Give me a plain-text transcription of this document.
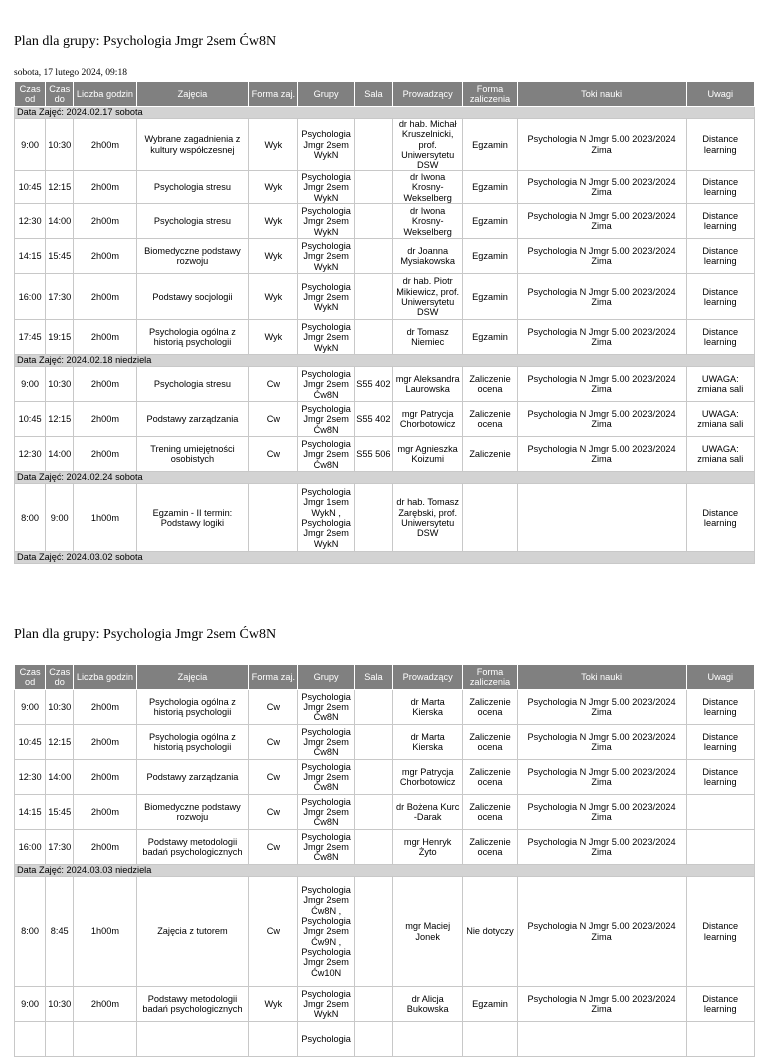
Plan dla grupy: Psychologia Jmgr 2sem Ćw8N
sobota, 17 lutego 2024, 09:18
Czas od	Czas do	Liczba godzin	Zajęcia	Forma zaj.	Grupy	Sala	Prowadzący	Forma zaliczenia	Toki nauki	Uwagi
Data Zajęć: 2024.02.17 sobota										
9:00	10:30	2h00m	Wybrane zagadnienia z kultury współczesnej	Wyk	Psychologia Jmgr 2sem WykN		dr hab. Michał Kruszelnicki, prof. Uniwersytetu DSW	Egzamin	Psychologia N Jmgr 5.00 2023/2024 Zima	Distance learning
10:45	12:15	2h00m	Psychologia stresu	Wyk	Psychologia Jmgr 2sem WykN		dr Iwona Krosny-Wekselberg	Egzamin	Psychologia N Jmgr 5.00 2023/2024 Zima	Distance learning
12:30	14:00	2h00m	Psychologia stresu	Wyk	Psychologia Jmgr 2sem WykN		dr Iwona Krosny-Wekselberg	Egzamin	Psychologia N Jmgr 5.00 2023/2024 Zima	Distance learning
14:15	15:45	2h00m	Biomedyczne podstawy rozwoju	Wyk	Psychologia Jmgr 2sem WykN		dr Joanna Mysiakowska	Egzamin	Psychologia N Jmgr 5.00 2023/2024 Zima	Distance learning
16:00	17:30	2h00m	Podstawy socjologii	Wyk	Psychologia Jmgr 2sem WykN		dr hab. Piotr Mikiewicz, prof. Uniwersytetu DSW	Egzamin	Psychologia N Jmgr 5.00 2023/2024 Zima	Distance learning
17:45	19:15	2h00m	Psychologia ogólna z historią psychologii	Wyk	Psychologia Jmgr 2sem WykN		dr Tomasz Niemiec	Egzamin	Psychologia N Jmgr 5.00 2023/2024 Zima	Distance learning
Data Zajęć: 2024.02.18 niedziela										
9:00	10:30	2h00m	Psychologia stresu	Cw	Psychologia Jmgr 2sem Ćw8N	S55 402	mgr Aleksandra Laurowska	Zaliczenie ocena	Psychologia N Jmgr 5.00 2023/2024 Zima	UWAGA: zmiana sali
10:45	12:15	2h00m	Podstawy zarządzania	Cw	Psychologia Jmgr 2sem Ćw8N	S55 402	mgr Patrycja Chorbotowicz	Zaliczenie ocena	Psychologia N Jmgr 5.00 2023/2024 Zima	UWAGA: zmiana sali
12:30	14:00	2h00m	Trening umiejętności osobistych	Cw	Psychologia Jmgr 2sem Ćw8N	S55 506	mgr Agnieszka Koizumi	Zaliczenie	Psychologia N Jmgr 5.00 2023/2024 Zima	UWAGA: zmiana sali
Data Zajęć: 2024.02.24 sobota										
8:00	9:00	1h00m	Egzamin - II termin: Podstawy logiki		Psychologia Jmgr 1sem WykN , Psychologia Jmgr 2sem WykN		dr hab. Tomasz Zarębski, prof. Uniwersytetu DSW			Distance learning
Data Zajęć: 2024.03.02 sobota										
Plan dla grupy: Psychologia Jmgr 2sem Ćw8N
Czas od	Czas do	Liczba godzin	Zajęcia	Forma zaj.	Grupy	Sala	Prowadzący	Forma zaliczenia	Toki nauki	Uwagi
9:00	10:30	2h00m	Psychologia ogólna z historią psychologii	Cw	Psychologia Jmgr 2sem Ćw8N		dr Marta Kierska	Zaliczenie ocena	Psychologia N Jmgr 5.00 2023/2024 Zima	Distance learning
10:45	12:15	2h00m	Psychologia ogólna z historią psychologii	Cw	Psychologia Jmgr 2sem Ćw8N		dr Marta Kierska	Zaliczenie ocena	Psychologia N Jmgr 5.00 2023/2024 Zima	Distance learning
12:30	14:00	2h00m	Podstawy zarządzania	Cw	Psychologia Jmgr 2sem Ćw8N		mgr Patrycja Chorbotowicz	Zaliczenie ocena	Psychologia N Jmgr 5.00 2023/2024 Zima	Distance learning
14:15	15:45	2h00m	Biomedyczne podstawy rozwoju	Cw	Psychologia Jmgr 2sem Ćw8N		dr Bożena Kurc -Darak	Zaliczenie ocena	Psychologia N Jmgr 5.00 2023/2024 Zima	
16:00	17:30	2h00m	Podstawy metodologii badań psychologicznych	Cw	Psychologia Jmgr 2sem Ćw8N		mgr Henryk Żyto	Zaliczenie ocena	Psychologia N Jmgr 5.00 2023/2024 Zima	
Data Zajęć: 2024.03.03 niedziela										
8:00	8:45	1h00m	Zajęcia z tutorem	Cw	Psychologia Jmgr 2sem Ćw8N , Psychologia Jmgr 2sem Ćw9N , Psychologia Jmgr 2sem Ćw10N		mgr Maciej Jonek	Nie dotyczy	Psychologia N Jmgr 5.00 2023/2024 Zima	Distance learning
9:00	10:30	2h00m	Podstawy metodologii badań psychologicznych	Wyk	Psychologia Jmgr 2sem WykN		dr Alicja Bukowska	Egzamin	Psychologia N Jmgr 5.00 2023/2024 Zima	Distance learning
					Psychologia					
